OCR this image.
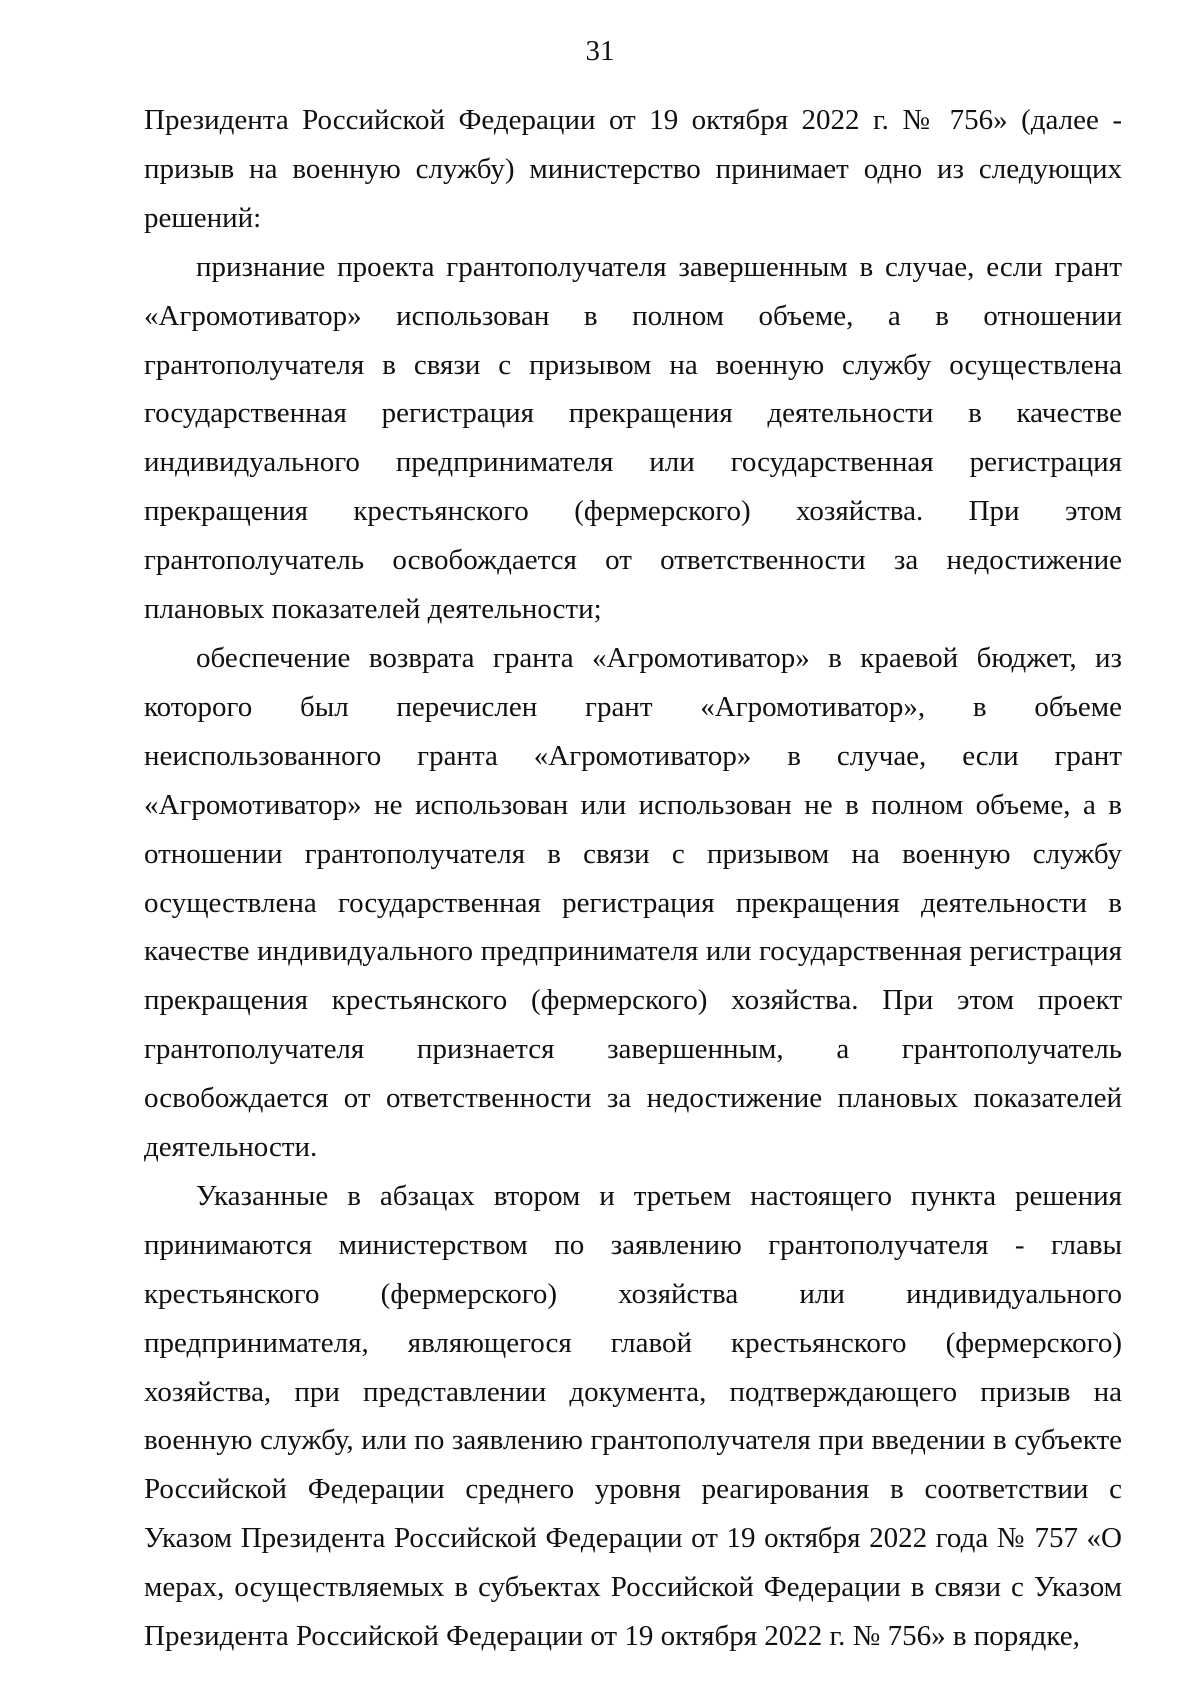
31

Президента Российской Федерации от 19 октября 2022 г. № 756» (далее - призыв на военную службу) министерство принимает одно из следующих решений:

признание проекта грантополучателя завершенным в случае, если грант «Агромотиватор» использован в полном объеме, а в отношении грантополучателя в связи с призывом на военную службу осуществлена государственная регистрация прекращения деятельности в качестве индивидуального предпринимателя или государственная регистрация прекращения крестьянского (фермерского) хозяйства. При этом грантополучатель освобождается от ответственности за недостижение плановых показателей деятельности;

обеспечение возврата гранта «Агромотиватор» в краевой бюджет, из которого был перечислен грант «Агромотиватор», в объеме неиспользованного гранта «Агромотиватор» в случае, если грант «Агромотиватор» не использован или использован не в полном объеме, а в отношении грантополучателя в связи с призывом на военную службу осуществлена государственная регистрация прекращения деятельности в качестве индивидуального предпринимателя или государственная регистрация прекращения крестьянского (фермерского) хозяйства. При этом проект грантополучателя признается завершенным, а грантополучатель освобождается от ответственности за недостижение плановых показателей деятельности.

Указанные в абзацах втором и третьем настоящего пункта решения принимаются министерством по заявлению грантополучателя - главы крестьянского (фермерского) хозяйства или индивидуального предпринимателя, являющегося главой крестьянского (фермерского) хозяйства, при представлении документа, подтверждающего призыв на военную службу, или по заявлению грантополучателя при введении в субъекте Российской Федерации среднего уровня реагирования в соответствии с Указом Президента Российской Федерации от 19 октября 2022 года № 757 «О мерах, осуществляемых в субъектах Российской Федерации в связи с Указом Президента Российской Федерации от 19 октября 2022 г. № 756» в порядке,
